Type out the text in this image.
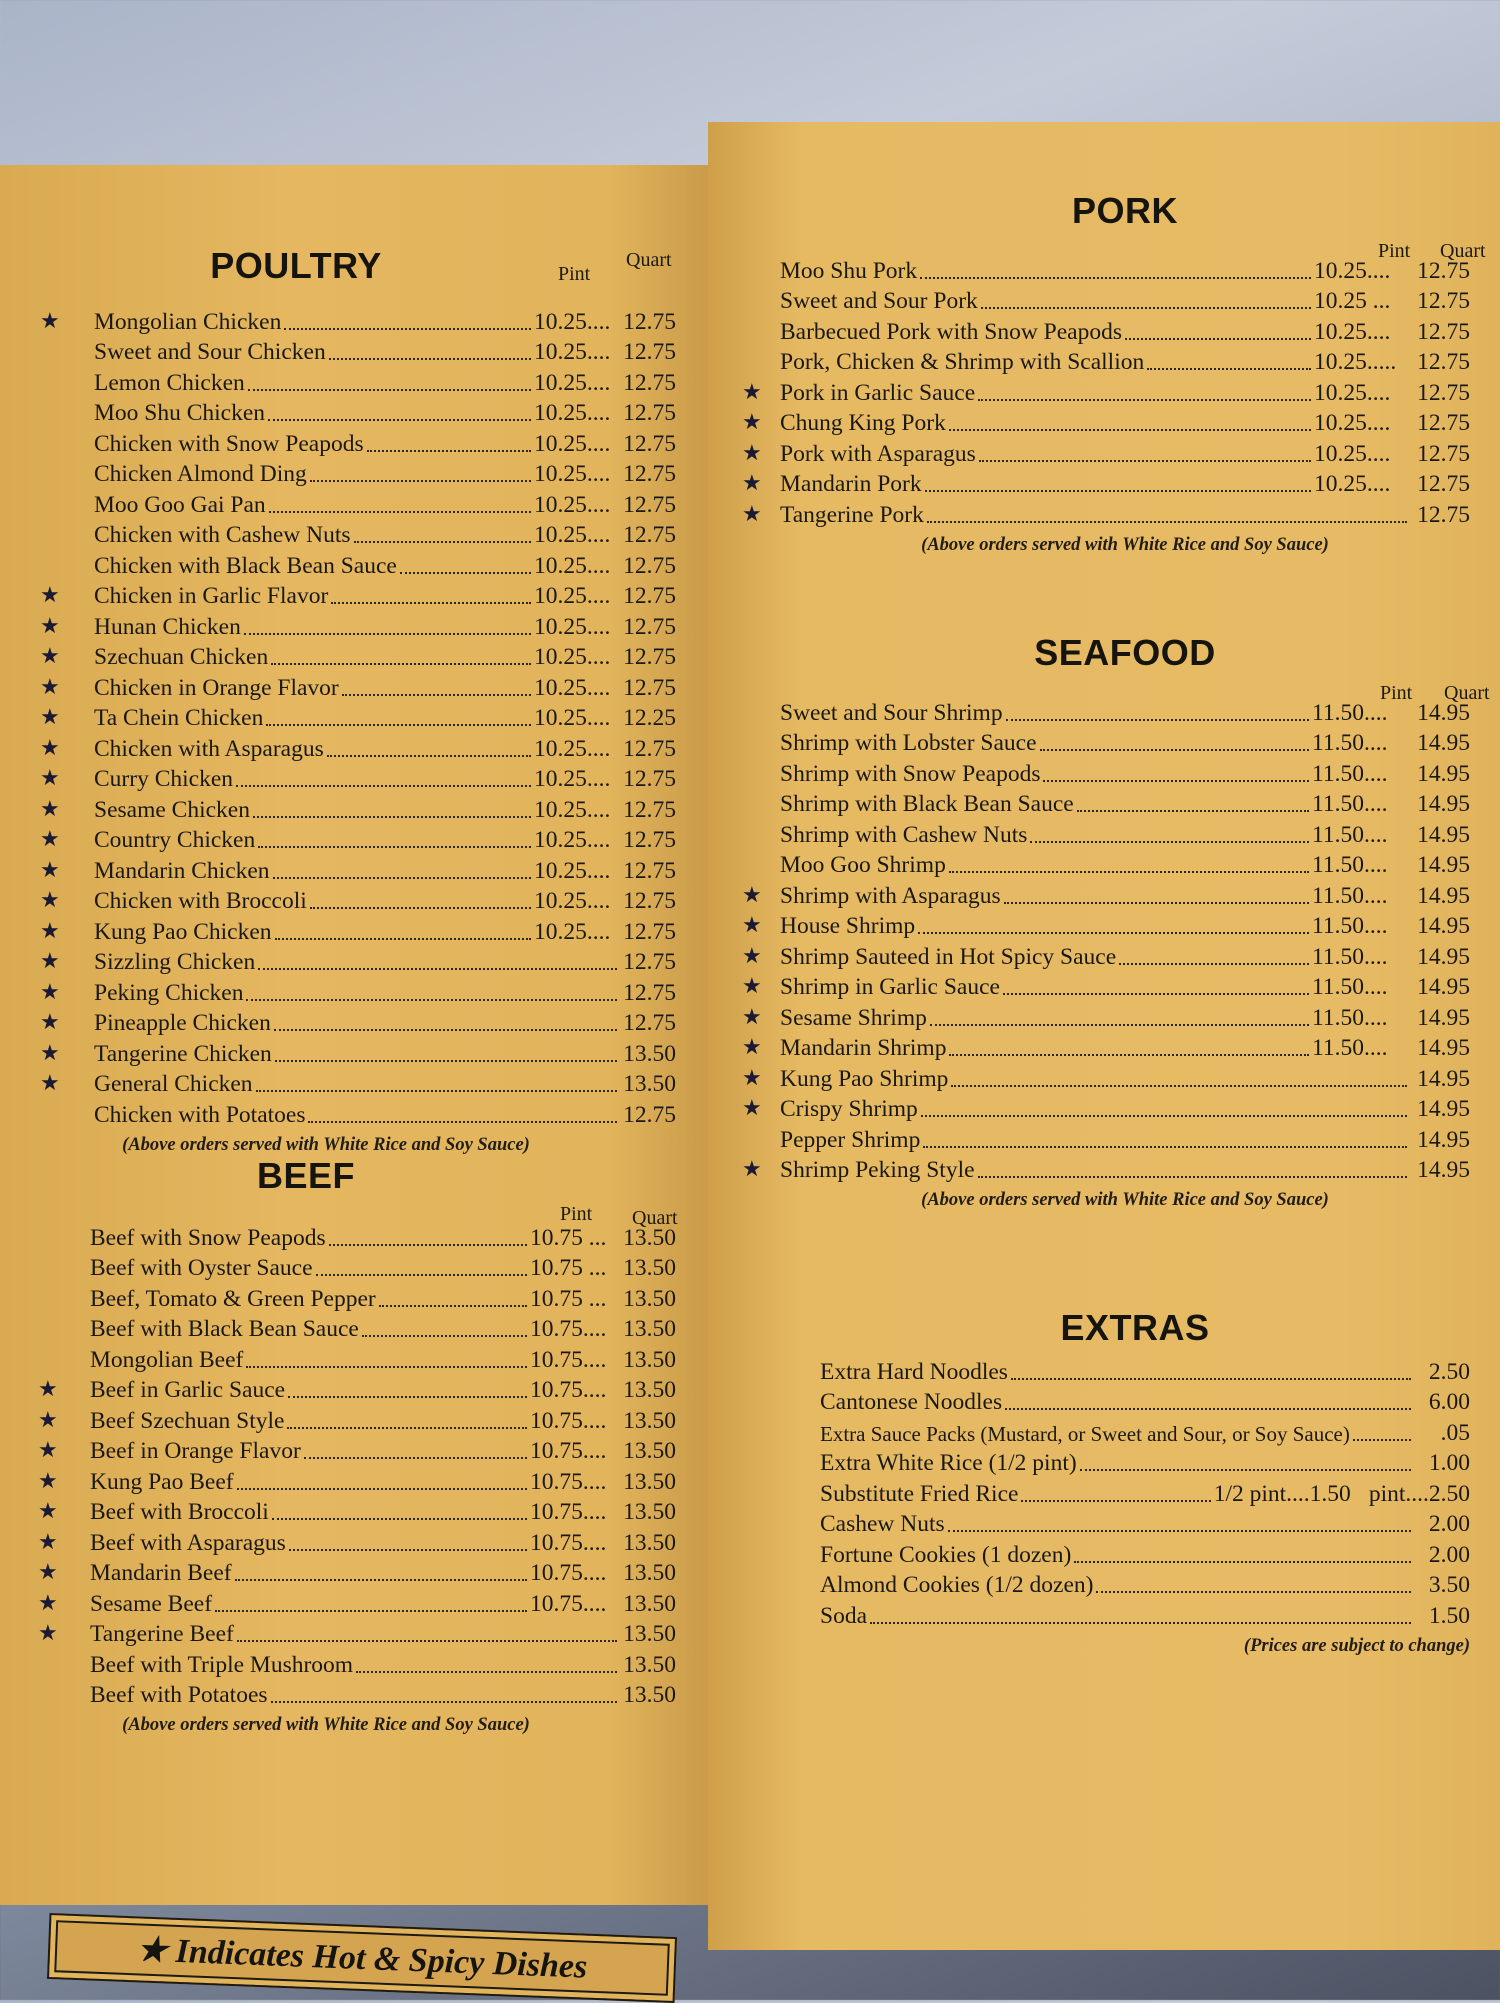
POULTRY	Pint
Quart
★ Mongolian Chicken	10.25.... 12.75
Sweet and Sour Chicken	10.25.... 12.75
Lemon Chicken	10.25.... 12.75
Moo Shu Chicken	10.25.... 12.75
Chicken with Snow Peapods	10.25.... 12.75
Chicken Almond Ding	10.25.... 12.75
Moo Goo Gai Pan	10.25.... 12.75
Chicken with Cashew Nuts	10.25.... 12.75
Chicken with Black Bean Sauce	10.25.... 12.75
★ Chicken in Garlic Flavor	10.25.... 12.75
★ Hunan Chicken	10.25.... 12.75
★ Szechuan Chicken	10.25.... 12.75
★ Chicken in Orange Flavor	10.25.... 12.75
★ Ta Chein Chicken	10.25.... 12.25
★ Chicken with Asparagus	10.25.... 12.75
★ Curry Chicken	10.25.... 12.75
★ Sesame Chicken	10.25.... 12.75
★ Country Chicken	10.25.... 12.75
★ Mandarin Chicken	10.25.... 12.75
★ Chicken with Broccoli	10.25.... 12.75
★ Kung Pao Chicken	10.25.... 12.75
★ Sizzling Chicken	12.75
★ Peking Chicken	12.75
★ Pineapple Chicken	12.75
★ Tangerine Chicken	13.50
★ General Chicken	13.50
Chicken with Potatoes	12.75
(Above orders served with White Rice and Soy Sauce)
BEEF
Pint Quart
Beef with Snow Peapods	10.75 ... 13.50
Beef with Oyster Sauce	10.75 ... 13.50
Beef, Tomato & Green Pepper	10.75 ... 13.50
Beef with Black Bean Sauce	10.75.... 13.50
Mongolian Beef	10.75.... 13.50
★ Beef in Garlic Sauce	10.75.... 13.50
★ Beef Szechuan Style	10.75.... 13.50
★ Beef in Orange Flavor	10.75.... 13.50
★ Kung Pao Beef	10.75.... 13.50
★ Beef with Broccoli	10.75.... 13.50
★ Beef with Asparagus	10.75.... 13.50
★ Mandarin Beef	10.75.... 13.50
★ Sesame Beef	10.75.... 13.50
★ Tangerine Beef	13.50
Beef with Triple Mushroom	13.50
Beef with Potatoes	13.50
(Above orders served with White Rice and Soy Sauce)
★ Indicates Hot & Spicy Dishes
PORK
Pint Quart
Moo Shu Pork	10.25....	12.75
Sweet and Sour Pork	10.25 ...	12.75
Barbecued Pork with Snow Peapods	10.25....	12.75
Pork, Chicken & Shrimp with Scallion	10.25..... 12.75
★ Pork in Garlic Sauce	10.25....	12.75
★ Chung King Pork	10.25....	12.75
★ Pork with Asparagus	10.25....	12.75
★ Mandarin Pork	10.25....	12.75
★ Tangerine Pork	12.75
(Above orders served with White Rice and Soy Sauce)
SEAFOOD
Pint Quart
Sweet and Sour Shrimp	11.50....	14.95
Shrimp with Lobster Sauce	11.50....	14.95
Shrimp with Snow Peapods	11.50....	14.95
Shrimp with Black Bean Sauce	11.50....	14.95
Shrimp with Cashew Nuts	11.50....	14.95
Moo Goo Shrimp	11.50....	14.95
★ Shrimp with Asparagus	11.50....	14.95
★ House Shrimp	11.50....	14.95
★ Shrimp Sauteed in Hot Spicy Sauce	11.50....	14.95
★ Shrimp in Garlic Sauce	11.50....	14.95
★ Sesame Shrimp	11.50....	14.95
★ Mandarin Shrimp	11.50....	14.95
★ Kung Pao Shrimp	14.95
★ Crispy Shrimp	14.95
Pepper Shrimp	14.95
★ Shrimp Peking Style	14.95
(Above orders served with White Rice and Soy Sauce)
EXTRAS
Extra Hard Noodles	2.50
Cantonese Noodles	6.00
Extra Sauce Packs (Mustard, or Sweet and Sour, or Soy Sauce)	.05
Extra White Rice (1/2 pint)	1.00
Substitute Fried Rice	1/2 pint....1.50 pint....2.50
Cashew Nuts	2.00
Fortune Cookies (1 dozen)	2.00
Almond Cookies (1/2 dozen)	3.50
Soda	1.50
(Prices are subject to change)
